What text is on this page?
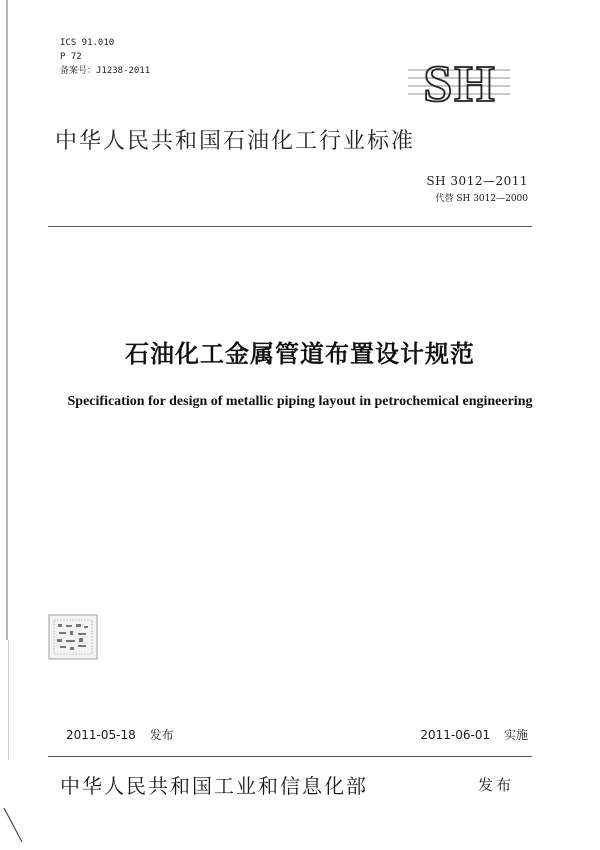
ICS 91.010
P 72
备案号：J1238-2011	SH
中华人民共和国石油化工行业标准
SH 3012—2011
代替 SH 3012—2000
石油化工金属管道布置设计规范
Specification for design of metallic piping layout in petrochemical engineering
2011-05-18 发布	2011-06-01 实施
中华人民共和国工业和信息化部	发布
